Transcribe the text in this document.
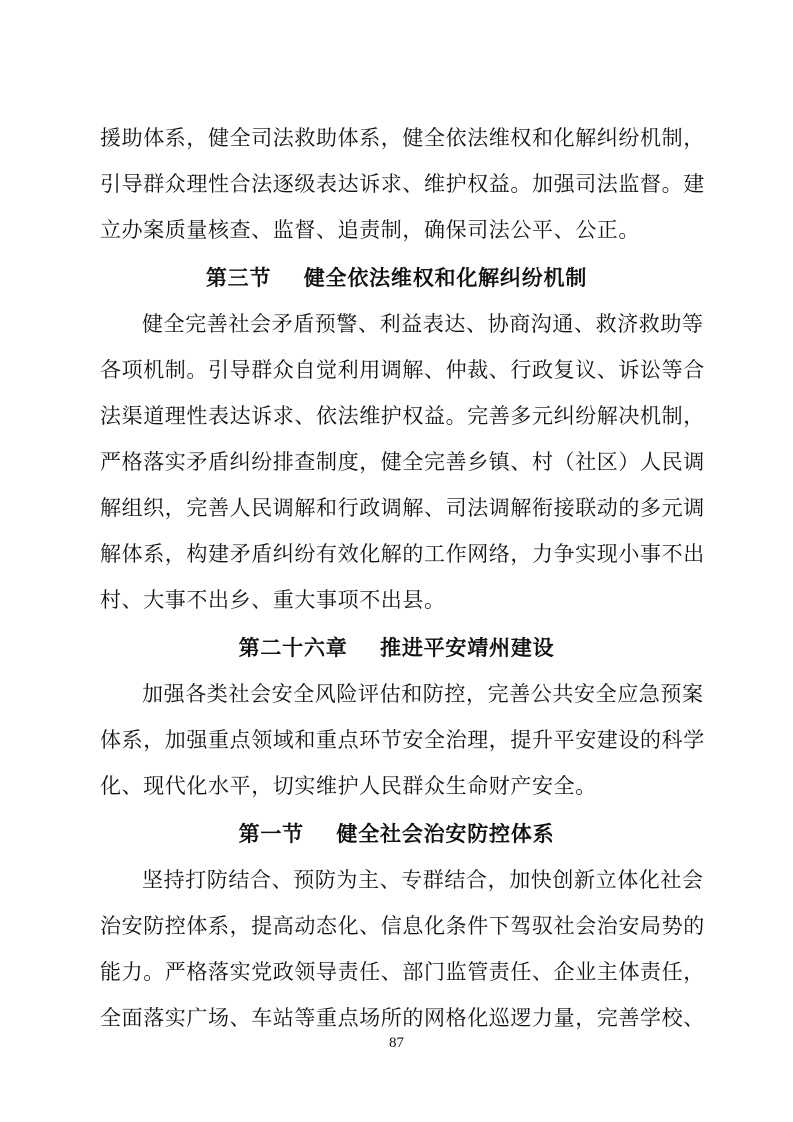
援助体系，健全司法救助体系，健全依法维权和化解纠纷机制，
引导群众理性合法逐级表达诉求、维护权益。加强司法监督。建
立办案质量核查、监督、追责制，确保司法公平、公正。
第三节    健全依法维权和化解纠纷机制
健全完善社会矛盾预警、利益表达、协商沟通、救济救助等
各项机制。引导群众自觉利用调解、仲裁、行政复议、诉讼等合
法渠道理性表达诉求、依法维护权益。完善多元纠纷解决机制，
严格落实矛盾纠纷排查制度，健全完善乡镇、村（社区）人民调
解组织，完善人民调解和行政调解、司法调解衔接联动的多元调
解体系，构建矛盾纠纷有效化解的工作网络，力争实现小事不出
村、大事不出乡、重大事项不出县。
第二十六章    推进平安靖州建设
加强各类社会安全风险评估和防控，完善公共安全应急预案
体系，加强重点领域和重点环节安全治理，提升平安建设的科学
化、现代化水平，切实维护人民群众生命财产安全。
第一节    健全社会治安防控体系
坚持打防结合、预防为主、专群结合，加快创新立体化社会
治安防控体系，提高动态化、信息化条件下驾驭社会治安局势的
能力。严格落实党政领导责任、部门监管责任、企业主体责任，
全面落实广场、车站等重点场所的网格化巡逻力量，完善学校、
87
